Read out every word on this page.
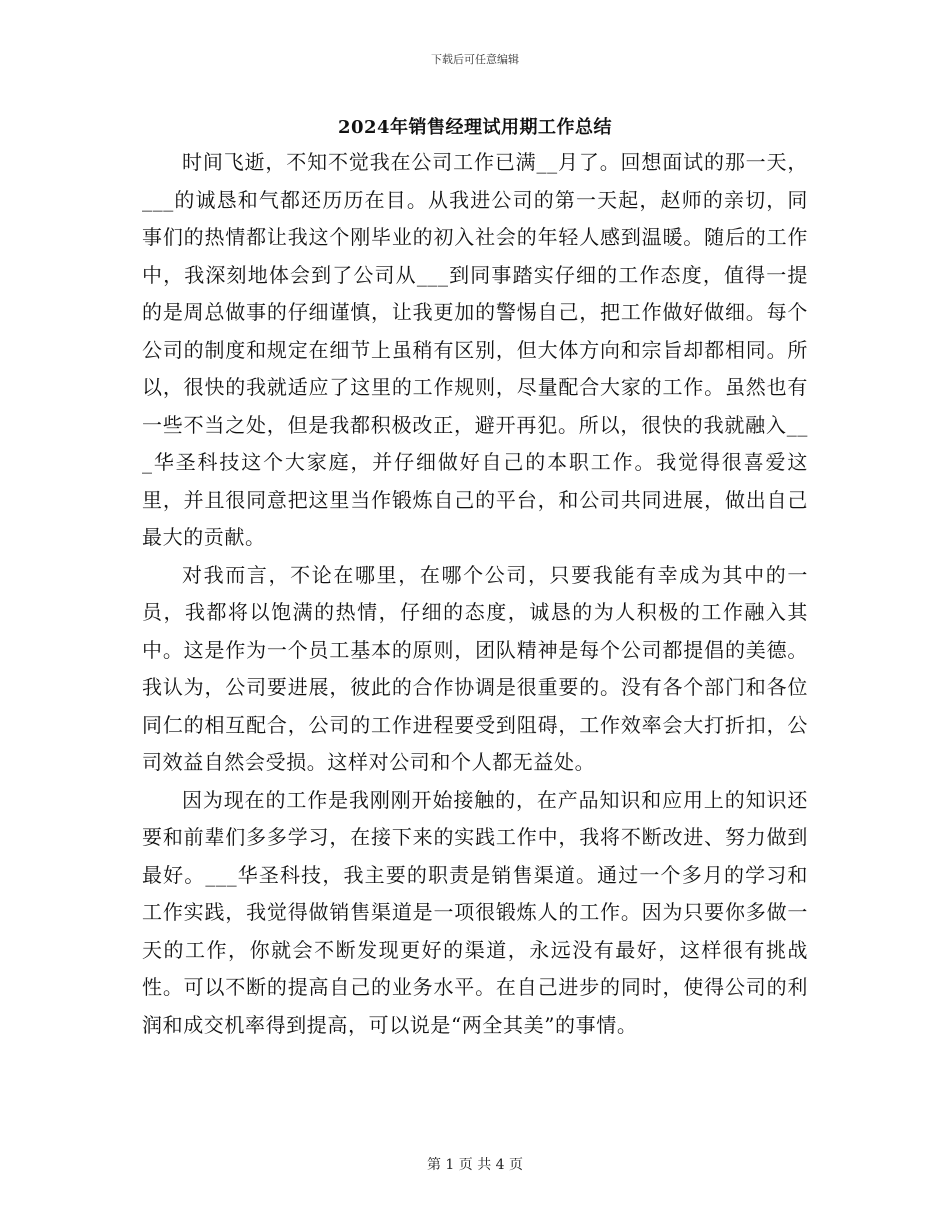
下载后可任意编辑
2024年销售经理试用期工作总结

时间飞逝，不知不觉我在公司工作已满__月了。回想面试的那一天，___的诚恳和气都还历历在目。从我进公司的第一天起，赵师的亲切，同事们的热情都让我这个刚毕业的初入社会的年轻人感到温暖。随后的工作中，我深刻地体会到了公司从___到同事踏实仔细的工作态度，值得一提的是周总做事的仔细谨慎，让我更加的警惕自己，把工作做好做细。每个公司的制度和规定在细节上虽稍有区别，但大体方向和宗旨却都相同。所以，很快的我就适应了这里的工作规则，尽量配合大家的工作。虽然也有一些不当之处，但是我都积极改正，避开再犯。所以，很快的我就融入___华圣科技这个大家庭，并仔细做好自己的本职工作。我觉得很喜爱这里，并且很同意把这里当作锻炼自己的平台，和公司共同进展，做出自己最大的贡献。

对我而言，不论在哪里，在哪个公司，只要我能有幸成为其中的一员，我都将以饱满的热情，仔细的态度，诚恳的为人积极的工作融入其中。这是作为一个员工基本的原则，团队精神是每个公司都提倡的美德。我认为，公司要进展，彼此的合作协调是很重要的。没有各个部门和各位同仁的相互配合，公司的工作进程要受到阻碍，工作效率会大打折扣，公司效益自然会受损。这样对公司和个人都无益处。

因为现在的工作是我刚刚开始接触的，在产品知识和应用上的知识还要和前辈们多多学习，在接下来的实践工作中，我将不断改进、努力做到最好。___华圣科技，我主要的职责是销售渠道。通过一个多月的学习和工作实践，我觉得做销售渠道是一项很锻炼人的工作。因为只要你多做一天的工作，你就会不断发现更好的渠道，永远没有最好，这样很有挑战性。可以不断的提高自己的业务水平。在自己进步的同时，使得公司的利润和成交机率得到提高，可以说是“两全其美”的事情。

第 1 页 共 4 页
